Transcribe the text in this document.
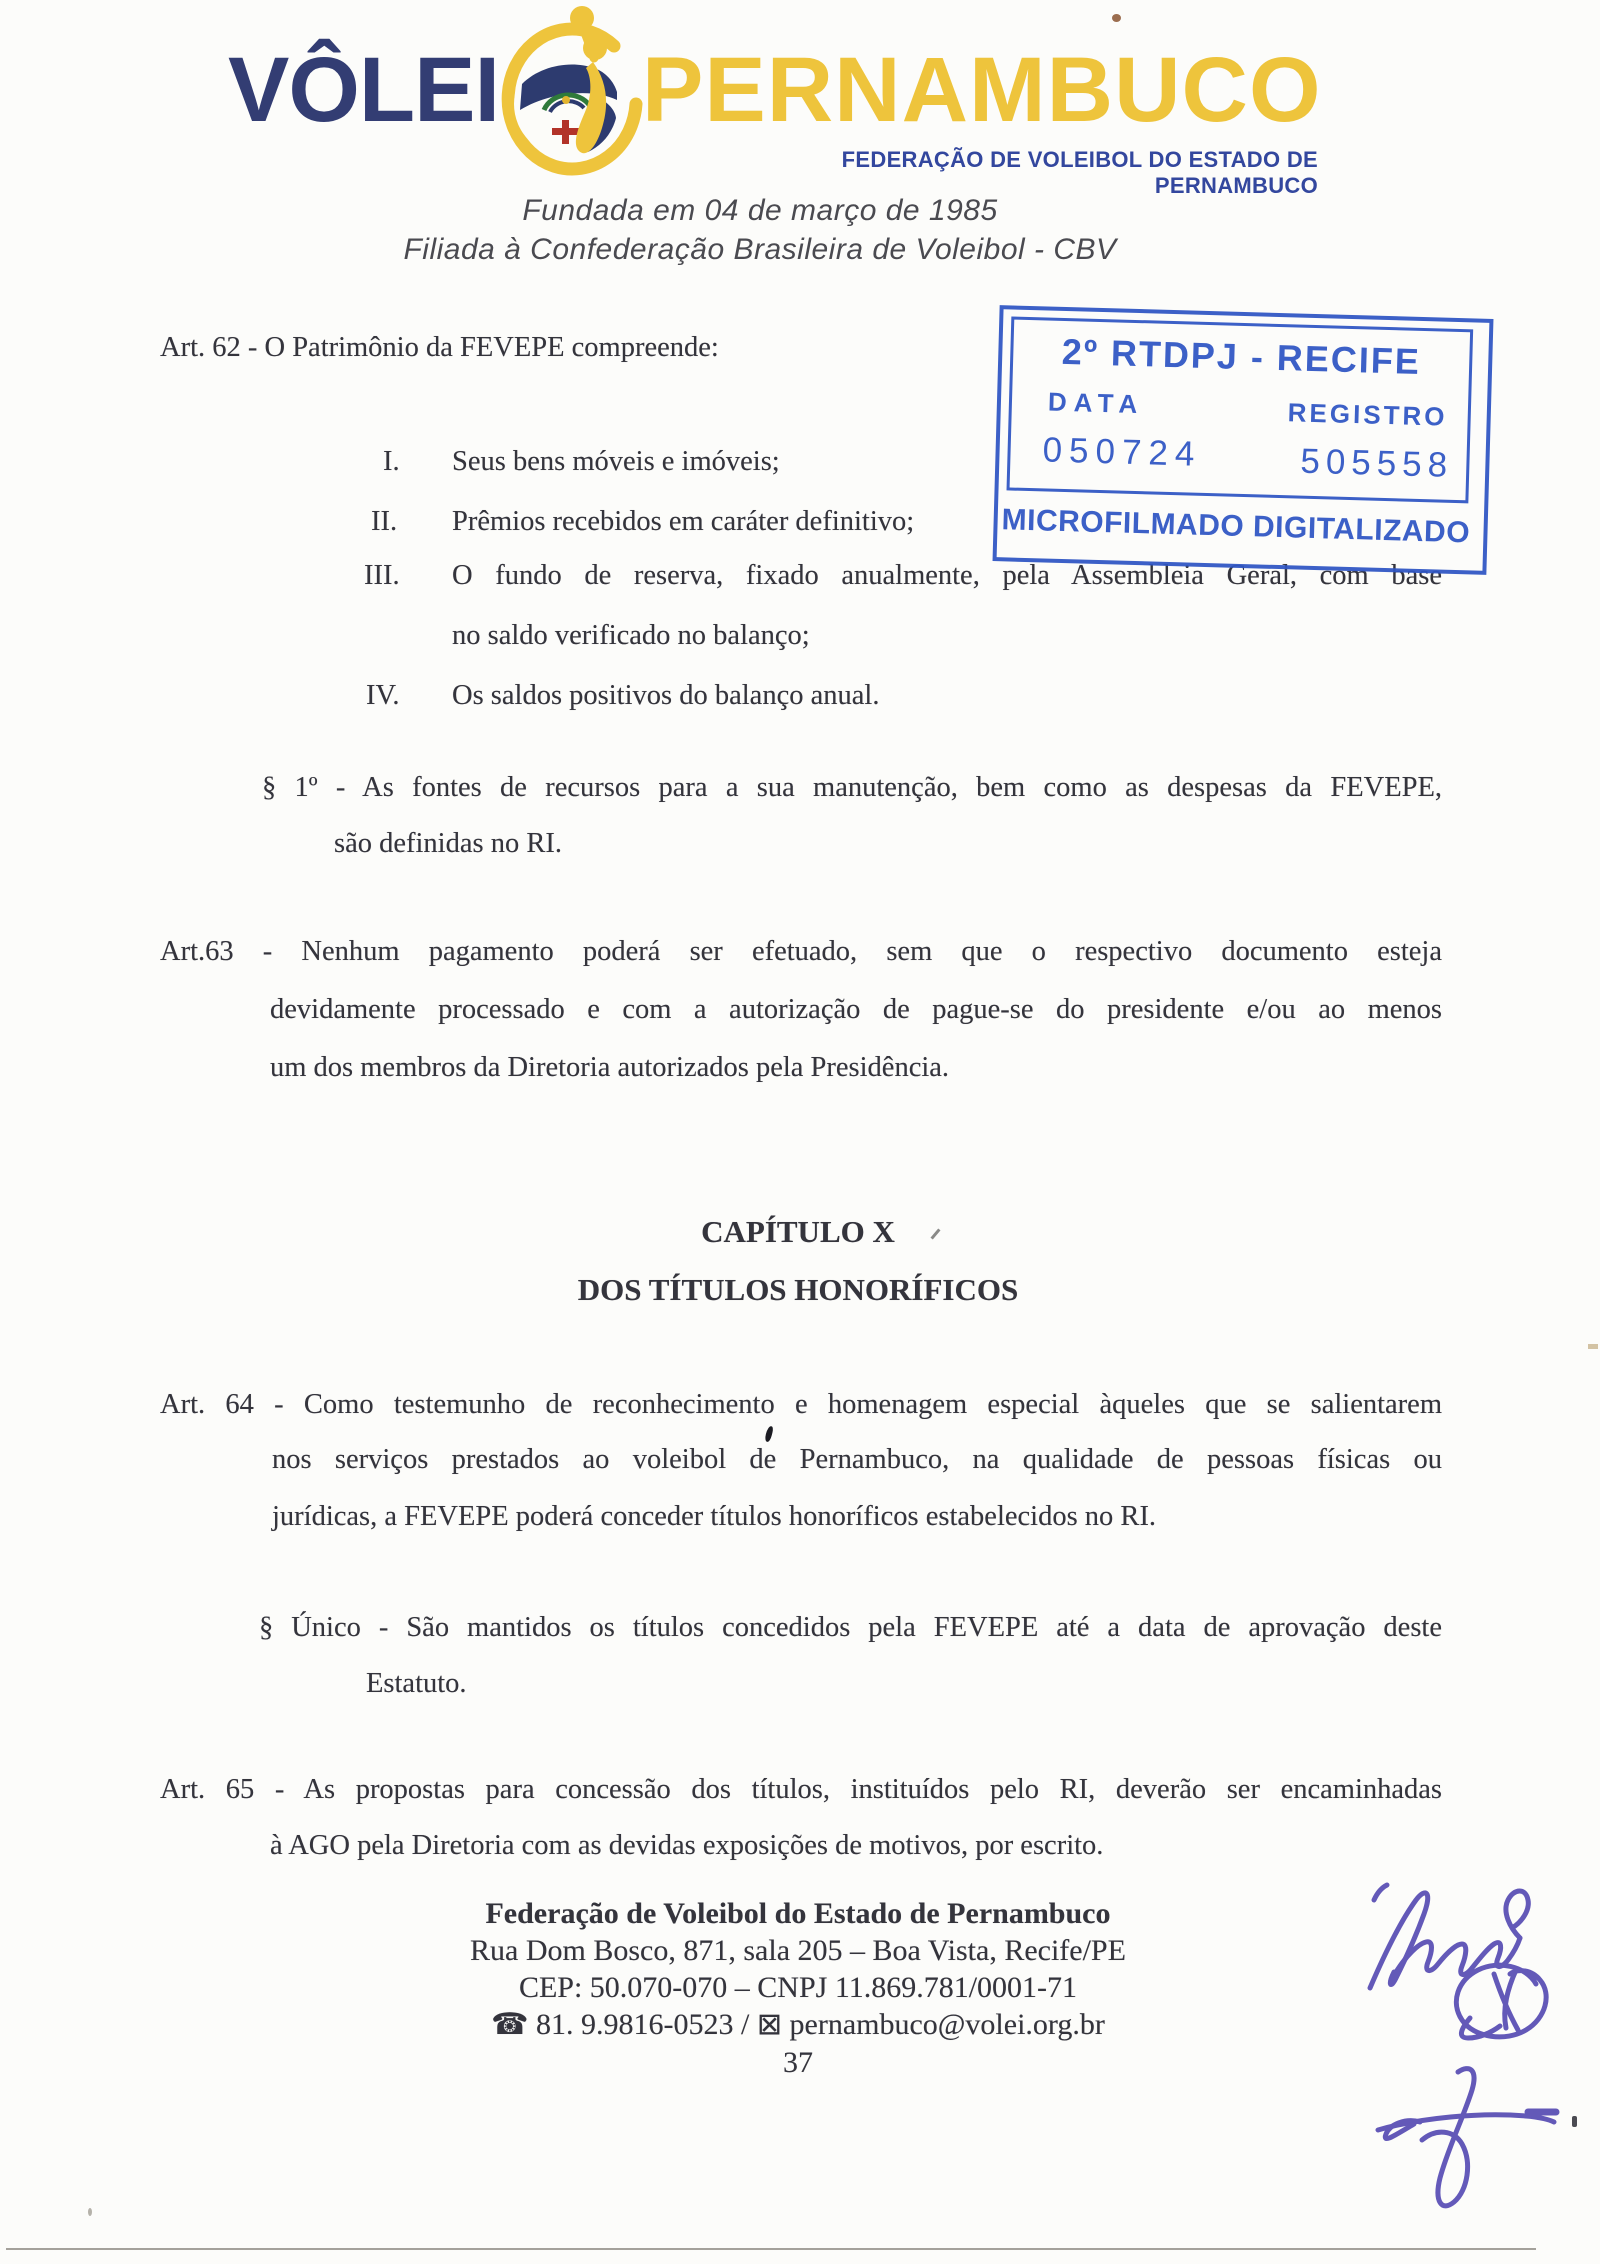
VÔLEI PERNAMBUCO
FEDERAÇÃO DE VOLEIBOL DO ESTADO DE PERNAMBUCO
Fundada em 04 de março de 1985
Filiada à Confederação Brasileira de Voleibol - CBV
Art. 62 - O Patrimônio da FEVEPE compreende:
I. Seus bens móveis e imóveis;
II. Prêmios recebidos em caráter definitivo;
III. O fundo de reserva, fixado anualmente, pela Assembleia Geral, com base
no saldo verificado no balanço;
IV. Os saldos positivos do balanço anual.
§ 1º - As fontes de recursos para a sua manutenção, bem como as despesas da FEVEPE,
são definidas no RI.
Art.63 - Nenhum pagamento poderá ser efetuado, sem que o respectivo documento esteja
devidamente processado e com a autorização de pague-se do presidente e/ou ao menos
um dos membros da Diretoria autorizados pela Presidência.
CAPÍTULO X
DOS TÍTULOS HONORÍFICOS
Art. 64 - Como testemunho de reconhecimento e homenagem especial àqueles que se salientarem
nos serviços prestados ao voleibol de Pernambuco, na qualidade de pessoas físicas ou
jurídicas, a FEVEPE poderá conceder títulos honoríficos estabelecidos no RI.
§ Único - São mantidos os títulos concedidos pela FEVEPE até a data de aprovação deste
Estatuto.
Art. 65 - As propostas para concessão dos títulos, instituídos pelo RI, deverão ser encaminhadas
à AGO pela Diretoria com as devidas exposições de motivos, por escrito.
2º RTDPJ - RECIFE
DATA	REGISTRO
050724	505558
MICROFILMADO DIGITALIZADO
Federação de Voleibol do Estado de Pernambuco
Rua Dom Bosco, 871, sala 205 – Boa Vista, Recife/PE
CEP: 50.070-070 – CNPJ 11.869.781/0001-71
☎ 81. 9.9816-0523 / ⊠ pernambuco@volei.org.br
37
